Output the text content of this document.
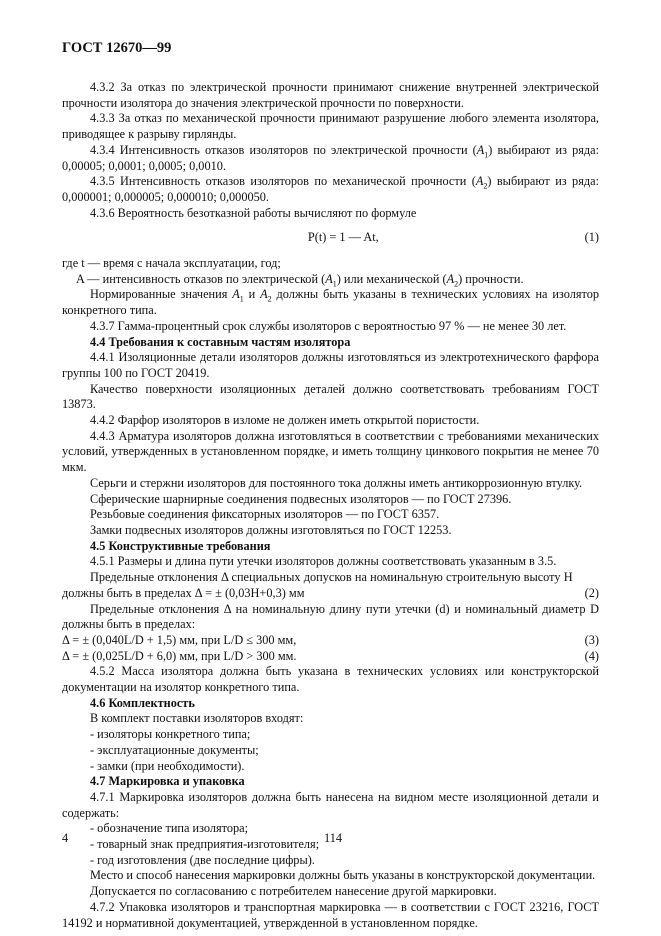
ГОСТ 12670—99

4.3.2 За отказ по электрической прочности принимают снижение внутренней электрической прочности изолятора до значения электрической прочности по поверхности.

4.3.3 За отказ по механической прочности принимают разрушение любого элемента изолятора, приводящее к разрыву гирлянды.

4.3.4 Интенсивность отказов изоляторов по электрической прочности $(A_1)$ выбирают из ряда: 0,00005; 0,0001; 0,0005; 0,0010.

4.3.5 Интенсивность отказов изоляторов по механической прочности $(A_2)$ выбирают из ряда: 0,000001; 0,000005; 0,000010; 0,000050.

4.3.6 Вероятность безотказной работы вычисляют по формуле

P(t) = 1 — At,	(1)

где t — время с начала эксплуатации, год;

A — интенсивность отказов по электрической $(A_1)$ или механической $(A_2)$ прочности.

Нормированные значения $A_1$ и $A_2$ должны быть указаны в технических условиях на изолятор конкретного типа.

4.3.7 Гамма-процентный срок службы изоляторов с вероятностью 97 % — не менее 30 лет.

4.4 Требования к составным частям изолятора

4.4.1 Изоляционные детали изоляторов должны изготовляться из электротехнического фарфора группы 100 по ГОСТ 20419.

Качество поверхности изоляционных деталей должно соответствовать требованиям ГОСТ 13873.

4.4.2 Фарфор изоляторов в изломе не должен иметь открытой пористости.

4.4.3 Арматура изоляторов должна изготовляться в соответствии с требованиями механических условий, утвержденных в установленном порядке, и иметь толщину цинкового покрытия не менее 70 мкм.

Серьги и стержни изоляторов для постоянного тока должны иметь антикоррозионную втулку.

Сферические шарнирные соединения подвесных изоляторов — по ГОСТ 27396.

Резьбовые соединения фиксаторных изоляторов — по ГОСТ 6357.

Замки подвесных изоляторов должны изготовляться по ГОСТ 12253.

4.5 Конструктивные требования

4.5.1 Размеры и длина пути утечки изоляторов должны соответствовать указанным в 3.5.

Предельные отклонения Δ специальных допусков на номинальную строительную высоту H должны быть в пределах Δ = ± (0,03H+0,3) мм	(2)

Предельные отклонения Δ на номинальную длину пути утечки (d) и номинальный диаметр D должны быть в пределах:

Δ = ± (0,040L/D + 1,5) мм, при L/D ≤ 300 мм,	(3)
Δ = ± (0,025L/D + 6,0) мм, при L/D > 300 мм.	(4)

4.5.2 Масса изолятора должна быть указана в технических условиях или конструкторской документации на изолятор конкретного типа.

4.6 Комплектность

В комплект поставки изоляторов входят:

- изоляторы конкретного типа;

- эксплуатационные документы;

- замки (при необходимости).

4.7 Маркировка и упаковка

4.7.1 Маркировка изоляторов должна быть нанесена на видном месте изоляционной детали и содержать:

- обозначение типа изолятора;

- товарный знак предприятия-изготовителя;

- год изготовления (две последние цифры).

Место и способ нанесения маркировки должны быть указаны в конструкторской документации.

Допускается по согласованию с потребителем нанесение другой маркировки.

4.7.2 Упаковка изоляторов и транспортная маркировка — в соответствии с ГОСТ 23216, ГОСТ 14192 и нормативной документацией, утвержденной в установленном порядке.

4	114
